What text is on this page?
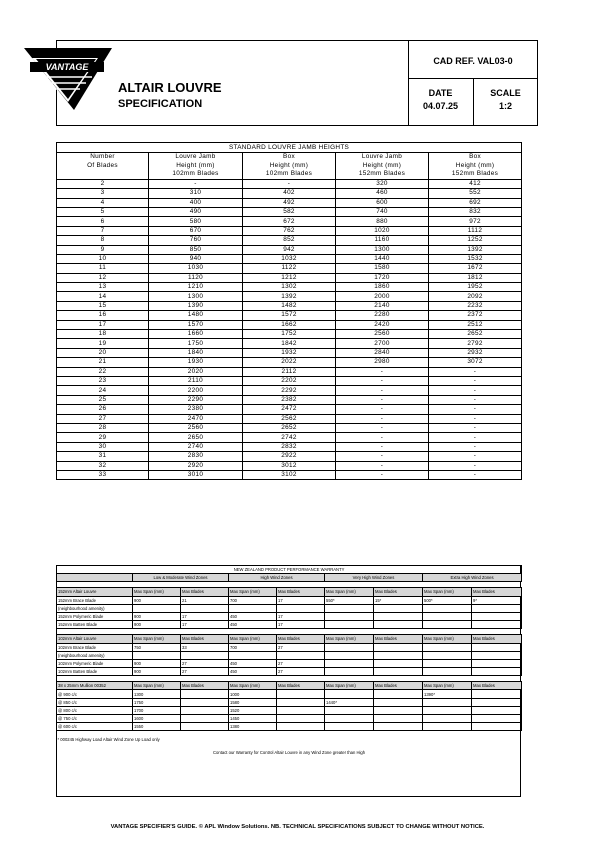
VANTAGE
ALTAIR LOUVRE
SPECIFICATION
CAD REF. VAL03-0
DATE
04.07.25
SCALE
1:2
STANDARD LOUVRE JAMB HEIGHTS				
Number	Louvre Jamb	Box	Louvre Jamb	Box
Of Blades	Height (mm)	Height (mm)	Height (mm)	Height (mm)
	102mm Blades	102mm Blades	152mm Blades	152mm Blades
2	-	-	320	412
3	310	402	460	552
4	400	492	600	692
5	490	582	740	832
6	580	672	880	972
7	670	762	1020	1112
8	760	852	1160	1252
9	850	942	1300	1392
10	940	1032	1440	1532
11	1030	1122	1580	1672
12	1120	1212	1720	1812
13	1210	1302	1860	1952
14	1300	1392	2000	2092
15	1390	1482	2140	2232
16	1480	1572	2280	2372
17	1570	1662	2420	2512
18	1660	1752	2560	2652
19	1750	1842	2700	2792
20	1840	1932	2840	2932
21	1930	2022	2980	3072
22	2020	2112	-	-
23	2110	2202	-	-
24	2200	2292	-	-
25	2290	2382	-	-
26	2380	2472	-	-
27	2470	2562	-	-
28	2560	2652	-	-
29	2650	2742	-	-
30	2740	2832	-	-
31	2830	2922	-	-
32	2920	3012	-	-
33	3010	3102	-	-
NEW ZEALAND PRODUCT PERFORMANCE WARRANTY								
	Low & Moderate Wind Zones		High Wind Zones		Very High Wind Zones		Extra High Wind Zones	

152mm Altair Louvre	Max Span (mm)	Max Blades	Max Span (mm)	Max Blades	Max Span (mm)	Max Blades	Max Span (mm)	Max Blades
152mm Brace Blade	900	21	700	17	550*	15*	500*	9*
(neighbourhood amenity)								
152mm Polymeric Blade	900	17	450	17				
152mm Batten Blade	900	17	450	17				

102mm Altair Louvre	Max Span (mm)	Max Blades	Max Span (mm)	Max Blades	Max Span (mm)	Max Blades	Max Span (mm)	Max Blades
102mm Brace Blade	750	33	700	27				
(neighbourhood amenity)								
102mm Polymeric Blade	900	27	450	27				
102mm Batten Blade	900	27	450	27				

38 x 25mm Mullion 00352	Max Span (mm)	Max Blades	Max Span (mm)	Max Blades	Max Span (mm)	Max Blades	Max Span (mm)	Max Blades
@ 900 c/c	1300		1000				1390*	
@ 850 c/c	1750		1580		1440*			
@ 800 c/c	1700		1520					
@ 750 c/c	1600		1450					
@ 600 c/c	1550		1380					

* 000245 Highway Load Altair Wind Zone Up Load only								

Contact our Warranty for Control Altair Louvre in any Wind Zone greater than High								
VANTAGE SPECIFIER'S GUIDE. © APL Window Solutions. NB. TECHNICAL SPECIFICATIONS SUBJECT TO CHANGE WITHOUT NOTICE.
